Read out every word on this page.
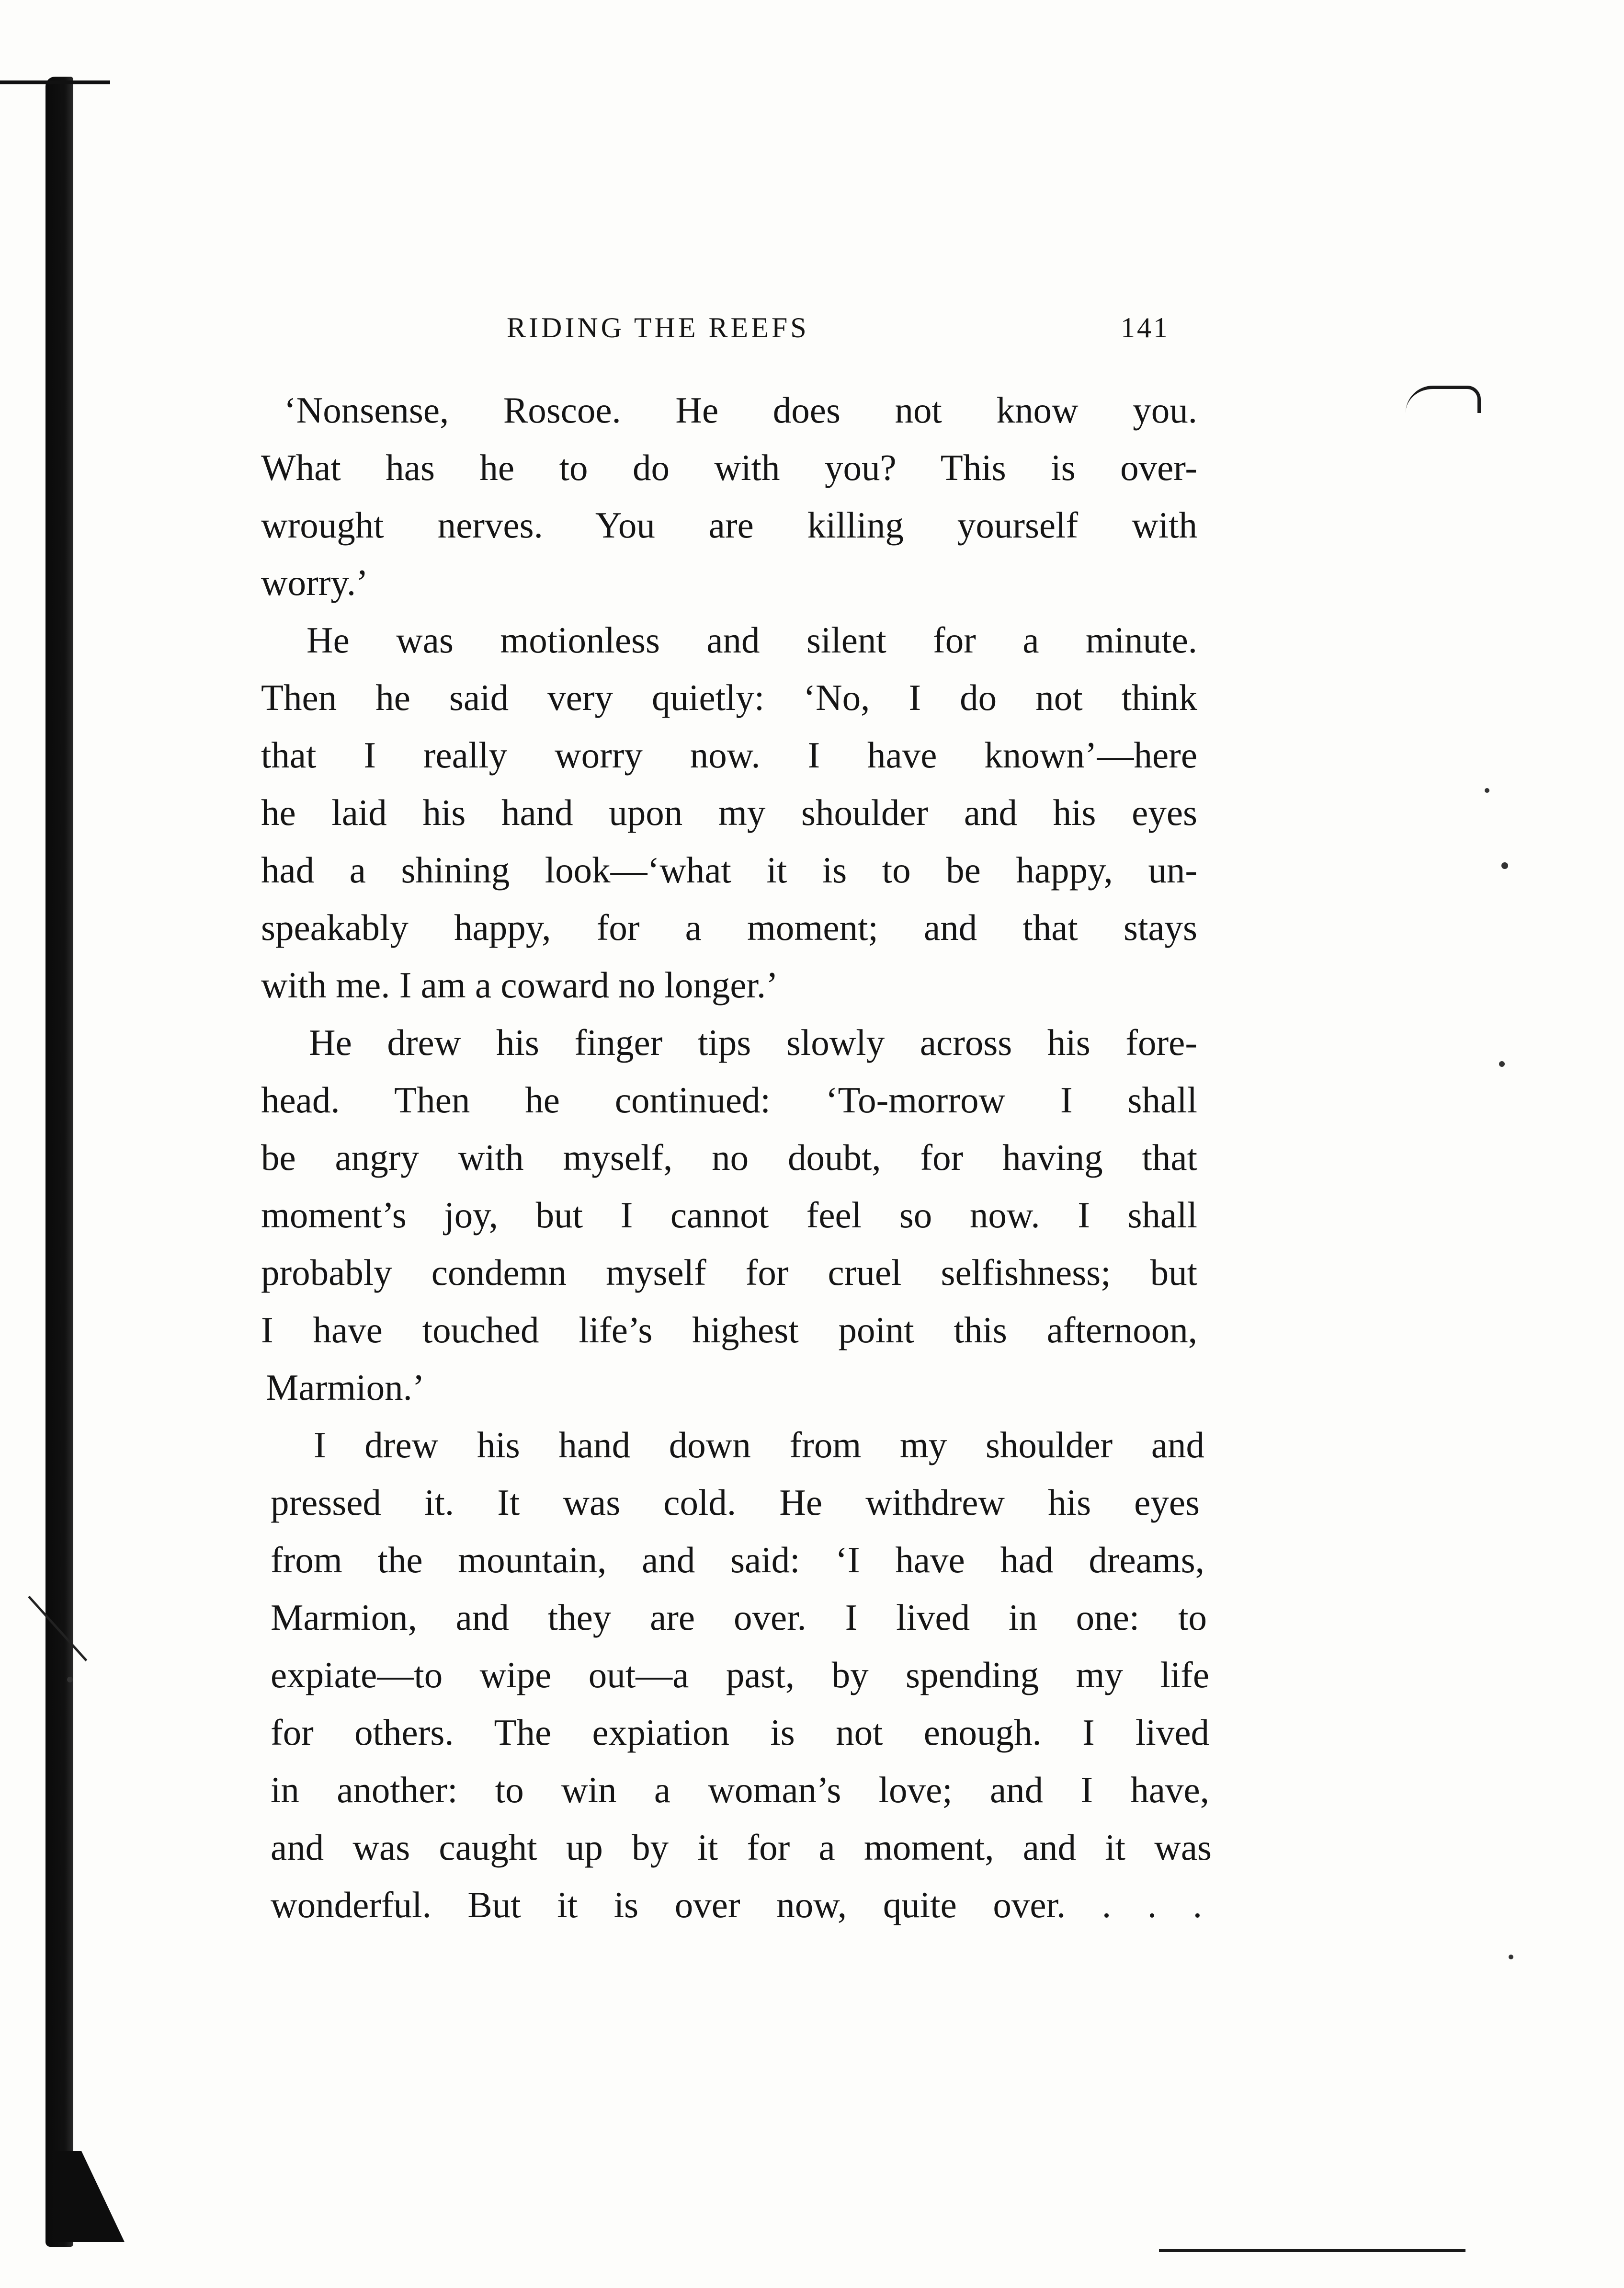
RIDING THE REEFS	141
‘Nonsense, Roscoe. He does not know you.
What has he to do with you? This is over-
wrought nerves. You are killing yourself with
worry.’
He was motionless and silent for a minute.
Then he said very quietly: ‘No, I do not think
that I really worry now. I have known’—here
he laid his hand upon my shoulder and his eyes
had a shining look—‘what it is to be happy, un-
speakably happy, for a moment; and that stays
with me. I am a coward no longer.’
He drew his finger tips slowly across his fore-
head. Then he continued: ‘To-morrow I shall
be angry with myself, no doubt, for having that
moment’s joy, but I cannot feel so now. I shall
probably condemn myself for cruel selfishness; but
I have touched life’s highest point this afternoon,
Marmion.’
I drew his hand down from my shoulder and
pressed it. It was cold. He withdrew his eyes
from the mountain, and said: ‘I have had dreams,
Marmion, and they are over. I lived in one: to
expiate—to wipe out—a past, by spending my life
for others. The expiation is not enough. I lived
in another: to win a woman’s love; and I have,
and was caught up by it for a moment, and it was
wonderful. But it is over now, quite over. . . .
